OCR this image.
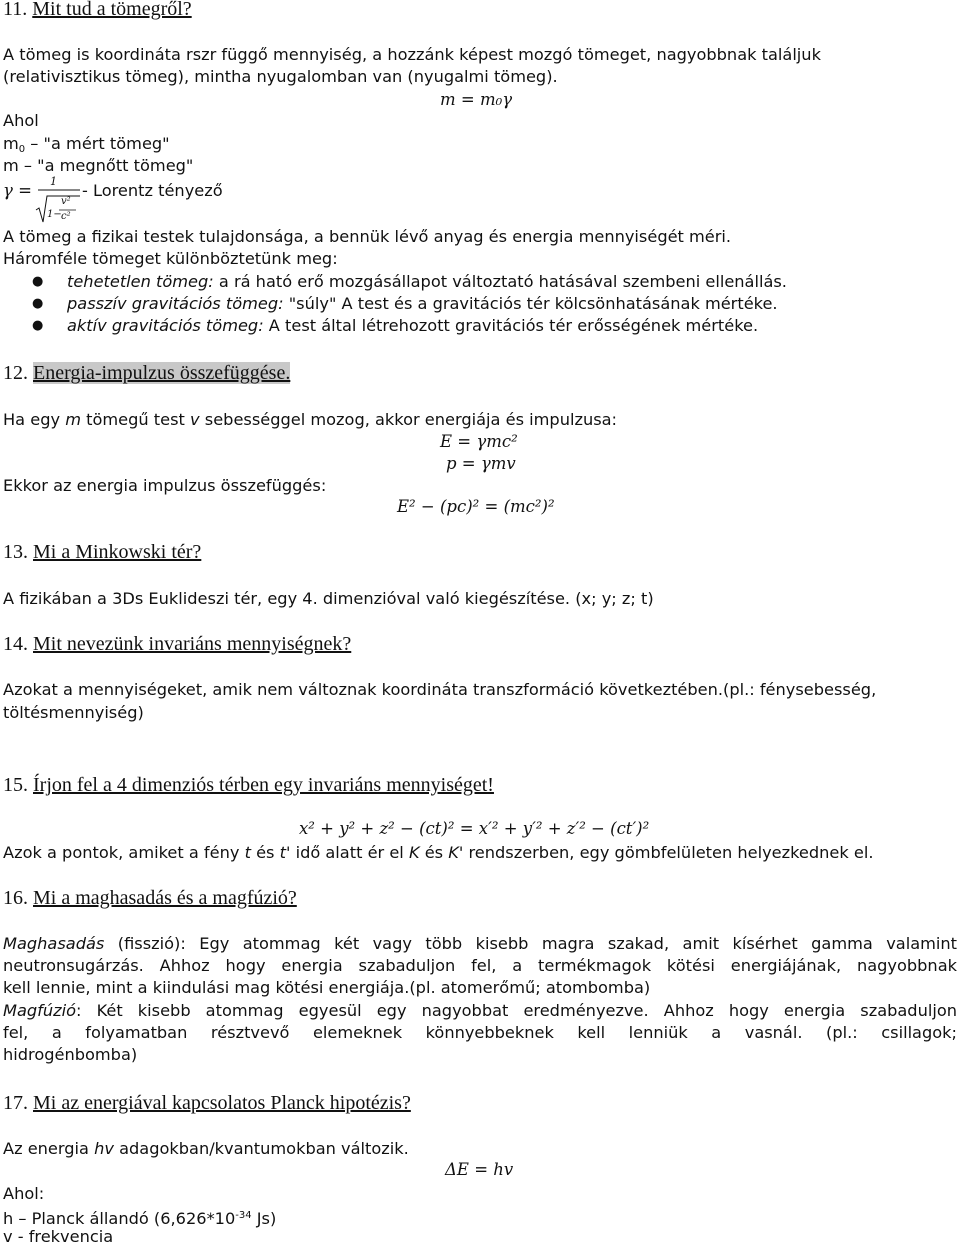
11. Mit tud a tömegről?
A tömeg is koordináta rszr függő mennyiség, a hozzánk képest mozgó tömeget, nagyobbnak találjuk
(relativisztikus tömeg), mintha nyugalomban van (nyugalmi tömeg).
m = m₀γ
Ahol
$m_0$ – "a mért tömeg"
m – "a megnőtt tömeg"
γ = 1
1−
v²
c²
- Lorentz tényező
A tömeg a fizikai testek tulajdonsága, a bennük lévő anyag és energia mennyiségét méri.
Háromféle tömeget különböztetünk meg:
● tehetetlen tömeg: a rá ható erő mozgásállapot változtató hatásával szembeni ellenállás.
● passzív gravitációs tömeg: "súly" A test és a gravitációs tér kölcsönhatásának mértéke.
● aktív gravitációs tömeg: A test által létrehozott gravitációs tér erősségének mértéke.
12. Energia-impulzus összefüggése.
Ha egy m tömegű test v sebességgel mozog, akkor energiája és impulzusa:
E = γmc²
p = γmv
Ekkor az energia impulzus összefüggés:
E² − (pc)² = (mc²)²
13. Mi a Minkowski tér?
A fizikában a 3Ds Euklideszi tér, egy 4. dimenzióval való kiegészítése. (x; y; z; t)
14. Mit nevezünk invariáns mennyiségnek?
Azokat a mennyiségeket, amik nem változnak koordináta transzformáció következtében.(pl.: fénysebesség,
töltésmennyiség)
15. Írjon fel a 4 dimenziós térben egy invariáns mennyiséget!
x² + y² + z² − (ct)² = x′² + y′² + z′² − (ct′)²
Azok a pontok, amiket a fény t és t' idő alatt ér el K és K' rendszerben, egy gömbfelületen helyezkednek el.
16. Mi a maghasadás és a magfúzió?
Maghasadás (fisszió): Egy atommag két vagy több kisebb magra szakad, amit kísérhet gamma valamint
neutronsugárzás. Ahhoz hogy energia szabaduljon fel, a termékmagok kötési energiájának, nagyobbnak
kell lennie, mint a kiindulási mag kötési energiája.(pl. atomerőmű; atombomba)
Magfúzió: Két kisebb atommag egyesül egy nagyobbat eredményezve. Ahhoz hogy energia szabaduljon
fel, a folyamatban résztvevő elemeknek könnyebbeknek kell lenniük a vasnál. (pl.: csillagok;
hidrogénbomba)
17. Mi az energiával kapcsolatos Planck hipotézis?
Az energia hv adagokban/kvantumokban változik.
ΔE = hv
Ahol:
h – Planck állandó ($6,626*10^{-34}$ Js)
v - frekvencia
